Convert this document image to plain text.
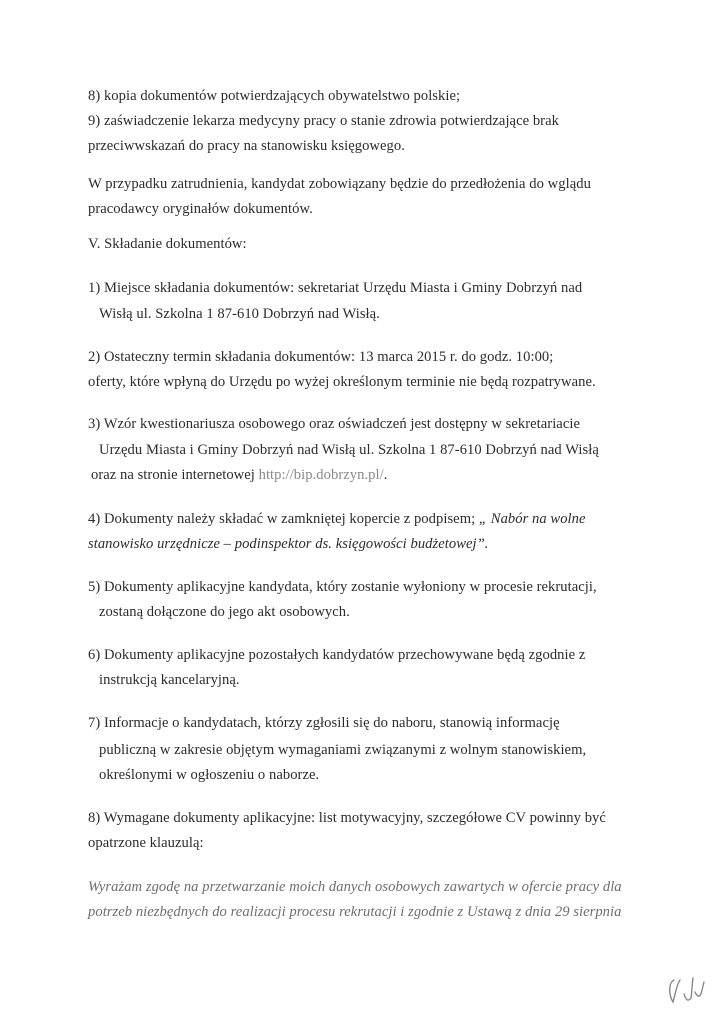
8) kopia dokumentów potwierdzających obywatelstwo polskie;
9) zaświadczenie lekarza medycyny pracy o stanie zdrowia potwierdzające brak
przeciwwskazań do pracy na stanowisku księgowego.
W przypadku zatrudnienia, kandydat zobowiązany będzie do przedłożenia do wglądu
pracodawcy oryginałów dokumentów.
V. Składanie dokumentów:
1) Miejsce składania dokumentów: sekretariat Urzędu Miasta i Gminy Dobrzyń nad
Wisłą ul. Szkolna 1 87-610 Dobrzyń nad Wisłą.
2) Ostateczny termin składania dokumentów: 13 marca 2015 r. do godz. 10:00;
oferty, które wpłyną do Urzędu po wyżej określonym terminie nie będą rozpatrywane.
3) Wzór kwestionariusza osobowego oraz oświadczeń jest dostępny w sekretariacie
Urzędu Miasta i Gminy Dobrzyń nad Wisłą ul. Szkolna 1 87-610 Dobrzyń nad Wisłą
oraz na stronie internetowej http://bip.dobrzyn.pl/.
4) Dokumenty należy składać w zamkniętej kopercie z podpisem; „ Nabór na wolne
stanowisko urzędnicze – podinspektor ds. księgowości budżetowej”.
5) Dokumenty aplikacyjne kandydata, który zostanie wyłoniony w procesie rekrutacji,
zostaną dołączone do jego akt osobowych.
6) Dokumenty aplikacyjne pozostałych kandydatów przechowywane będą zgodnie z
instrukcją kancelaryjną.
7) Informacje o kandydatach, którzy zgłosili się do naboru, stanowią informację
publiczną w zakresie objętym wymaganiami związanymi z wolnym stanowiskiem,
określonymi w ogłoszeniu o naborze.
8) Wymagane dokumenty aplikacyjne: list motywacyjny, szczegółowe CV powinny być
opatrzone klauzulą:
Wyrażam zgodę na przetwarzanie moich danych osobowych zawartych w ofercie pracy dla
potrzeb niezbędnych do realizacji procesu rekrutacji i zgodnie z Ustawą z dnia 29 sierpnia
